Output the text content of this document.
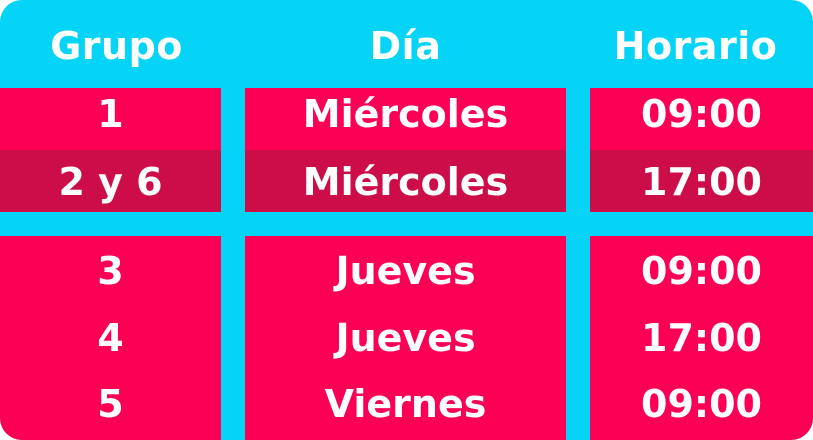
Grupo	Día	Horario
1
2 y 6
Miércoles
Miércoles
09:00
17:00
3
4
5
Jueves
Jueves
Viernes
09:00
17:00
09:00
